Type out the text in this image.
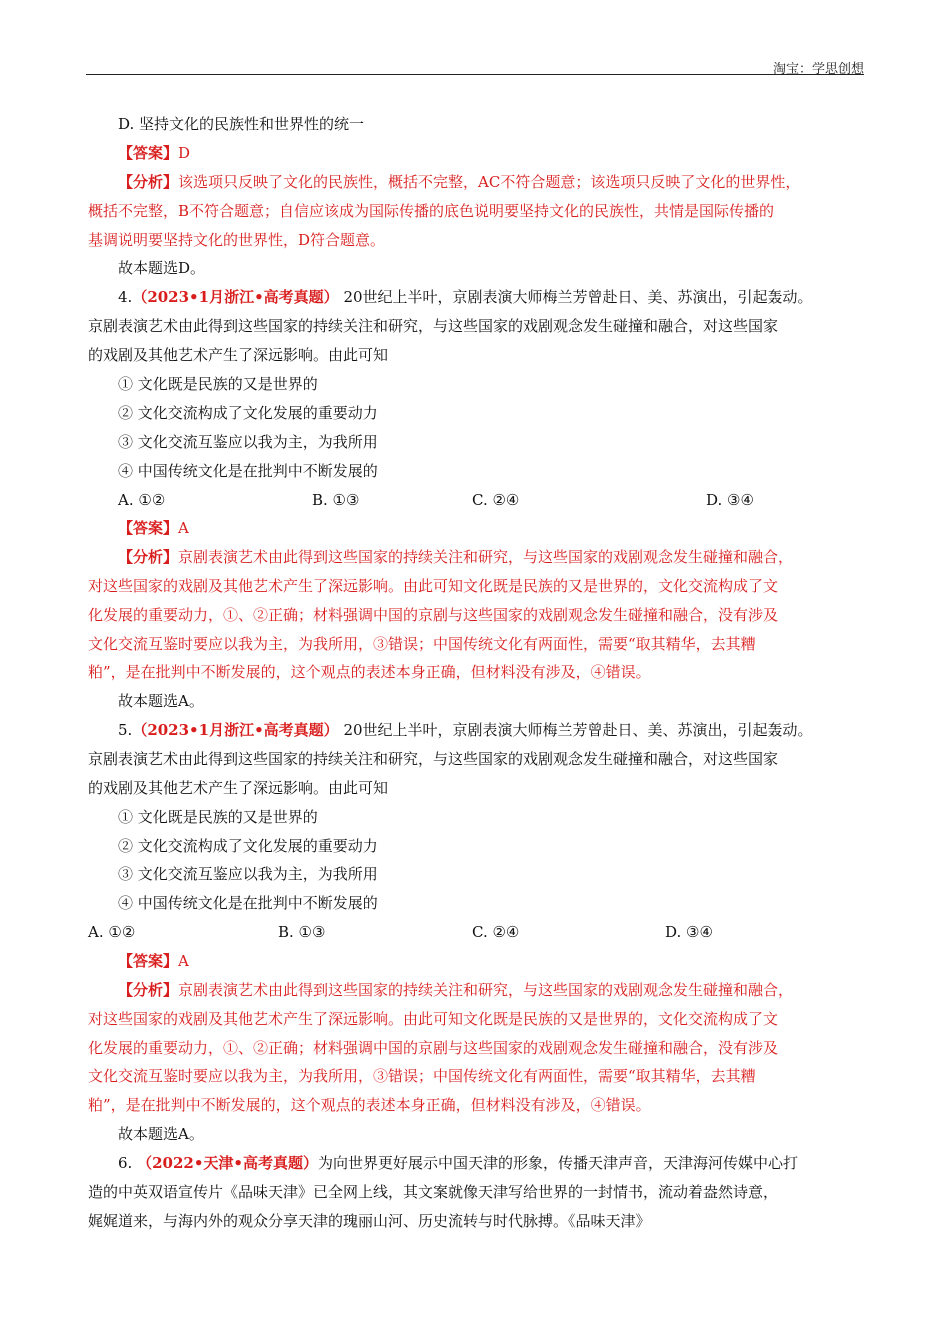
淘宝：学思创想
D. 坚持文化的民族性和世界性的统一
【答案】D
【分析】该选项只反映了文化的民族性，概括不完整，AC不符合题意；该选项只反映了文化的世界性，
概括不完整，B不符合题意；自信应该成为国际传播的底色说明要坚持文化的民族性，共情是国际传播的
基调说明要坚持文化的世界性，D符合题意。
故本题选D。
4.（2023•1月浙江•高考真题） 20世纪上半叶，京剧表演大师梅兰芳曾赴日、美、苏演出，引起轰动。
京剧表演艺术由此得到这些国家的持续关注和研究，与这些国家的戏剧观念发生碰撞和融合，对这些国家
的戏剧及其他艺术产生了深远影响。由此可知
① 文化既是民族的又是世界的
② 文化交流构成了文化发展的重要动力
③ 文化交流互鉴应以我为主，为我所用
④ 中国传统文化是在批判中不断发展的
A. ①②	B. ①③	C. ②④	D. ③④
【答案】A
【分析】京剧表演艺术由此得到这些国家的持续关注和研究，与这些国家的戏剧观念发生碰撞和融合，
对这些国家的戏剧及其他艺术产生了深远影响。由此可知文化既是民族的又是世界的，文化交流构成了文
化发展的重要动力，①、②正确；材料强调中国的京剧与这些国家的戏剧观念发生碰撞和融合，没有涉及
文化交流互鉴时要应以我为主，为我所用，③错误；中国传统文化有两面性，需要“取其精华，去其糟
粕”，是在批判中不断发展的，这个观点的表述本身正确，但材料没有涉及，④错误。
故本题选A。
5.（2023•1月浙江•高考真题） 20世纪上半叶，京剧表演大师梅兰芳曾赴日、美、苏演出，引起轰动。
京剧表演艺术由此得到这些国家的持续关注和研究，与这些国家的戏剧观念发生碰撞和融合，对这些国家
的戏剧及其他艺术产生了深远影响。由此可知
① 文化既是民族的又是世界的
② 文化交流构成了文化发展的重要动力
③ 文化交流互鉴应以我为主，为我所用
④ 中国传统文化是在批判中不断发展的
A. ①②	B. ①③	C. ②④	D. ③④
【答案】A
【分析】京剧表演艺术由此得到这些国家的持续关注和研究，与这些国家的戏剧观念发生碰撞和融合，
对这些国家的戏剧及其他艺术产生了深远影响。由此可知文化既是民族的又是世界的，文化交流构成了文
化发展的重要动力，①、②正确；材料强调中国的京剧与这些国家的戏剧观念发生碰撞和融合，没有涉及
文化交流互鉴时要应以我为主，为我所用，③错误；中国传统文化有两面性，需要“取其精华，去其糟
粕”，是在批判中不断发展的，这个观点的表述本身正确，但材料没有涉及，④错误。
故本题选A。
6. （2022•天津•高考真题）为向世界更好展示中国天津的形象，传播天津声音，天津海河传媒中心打
造的中英双语宣传片《品味天津》已全网上线，其文案就像天津写给世界的一封情书，流动着盎然诗意，
娓娓道来，与海内外的观众分享天津的瑰丽山河、历史流转与时代脉搏。《品味天津》
